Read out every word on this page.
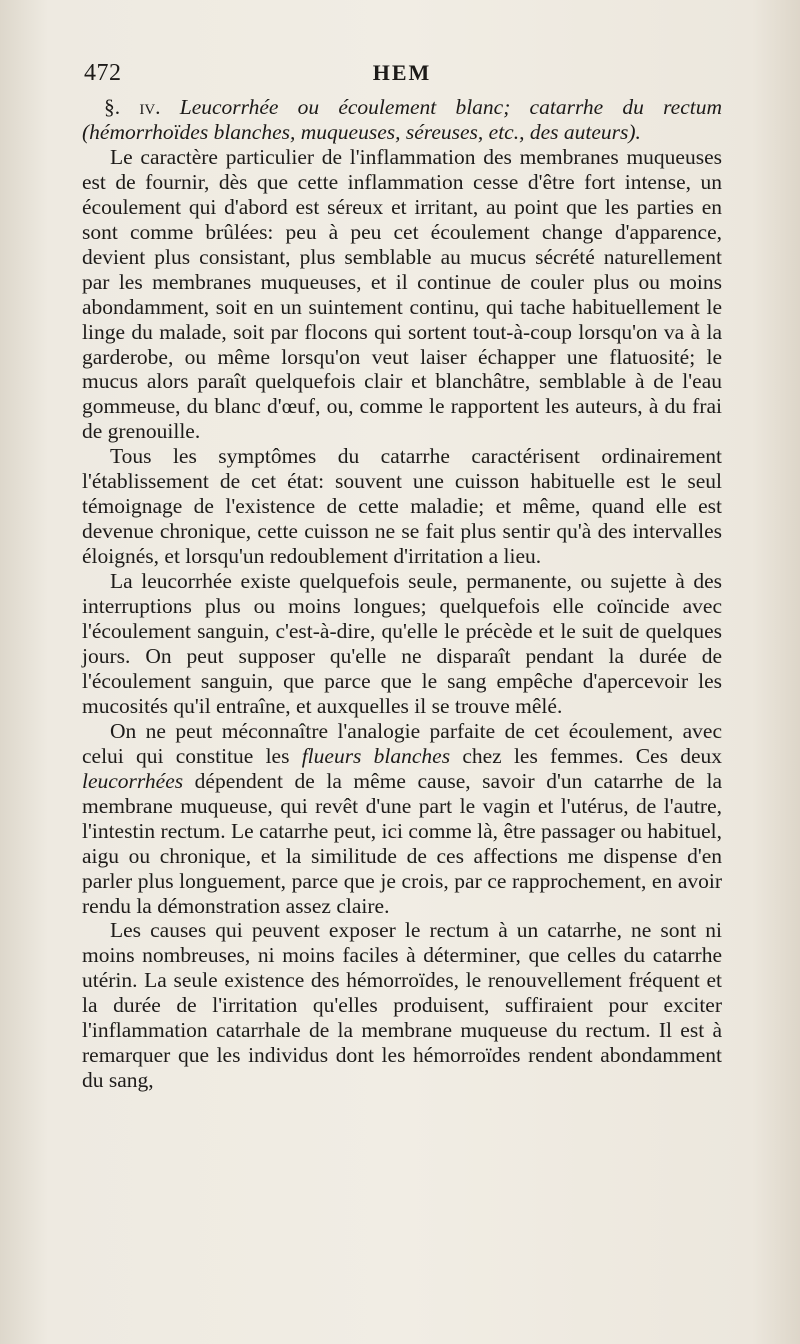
472	HEM

§. iv. Leucorrhée ou écoulement blanc; catarrhe du rectum (hémorrhoïdes blanches, muqueuses, séreuses, etc., des auteurs).

Le caractère particulier de l'inflammation des membranes muqueuses est de fournir, dès que cette inflammation cesse d'être fort intense, un écoulement qui d'abord est séreux et irritant, au point que les parties en sont comme brûlées: peu à peu cet écoulement change d'apparence, devient plus consistant, plus semblable au mucus sécrété naturellement par les membranes muqueuses, et il continue de couler plus ou moins abondamment, soit en un suintement continu, qui tache habituellement le linge du malade, soit par flocons qui sortent tout-à-coup lorsqu'on va à la garderobe, ou même lorsqu'on veut laiser échapper une flatuosité; le mucus alors paraît quelquefois clair et blanchâtre, semblable à de l'eau gommeuse, du blanc d'œuf, ou, comme le rapportent les auteurs, à du frai de grenouille.

Tous les symptômes du catarrhe caractérisent ordinairement l'établissement de cet état: souvent une cuisson habituelle est le seul témoignage de l'existence de cette maladie; et même, quand elle est devenue chronique, cette cuisson ne se fait plus sentir qu'à des intervalles éloignés, et lorsqu'un redoublement d'irritation a lieu.

La leucorrhée existe quelquefois seule, permanente, ou sujette à des interruptions plus ou moins longues; quelquefois elle coïncide avec l'écoulement sanguin, c'est-à-dire, qu'elle le précède et le suit de quelques jours. On peut supposer qu'elle ne disparaît pendant la durée de l'écoulement sanguin, que parce que le sang empêche d'apercevoir les mucosités qu'il entraîne, et auxquelles il se trouve mêlé.

On ne peut méconnaître l'analogie parfaite de cet écoulement, avec celui qui constitue les flueurs blanches chez les femmes. Ces deux leucorrhées dépendent de la même cause, savoir d'un catarrhe de la membrane muqueuse, qui revêt d'une part le vagin et l'utérus, de l'autre, l'intestin rectum. Le catarrhe peut, ici comme là, être passager ou habituel, aigu ou chronique, et la similitude de ces affections me dispense d'en parler plus longuement, parce que je crois, par ce rapprochement, en avoir rendu la démonstration assez claire.

Les causes qui peuvent exposer le rectum à un catarrhe, ne sont ni moins nombreuses, ni moins faciles à déterminer, que celles du catarrhe utérin. La seule existence des hémorroïdes, le renouvellement fréquent et la durée de l'irritation qu'elles produisent, suffiraient pour exciter l'inflammation catarrhale de la membrane muqueuse du rectum. Il est à remarquer que les individus dont les hémorroïdes rendent abondamment du sang,
